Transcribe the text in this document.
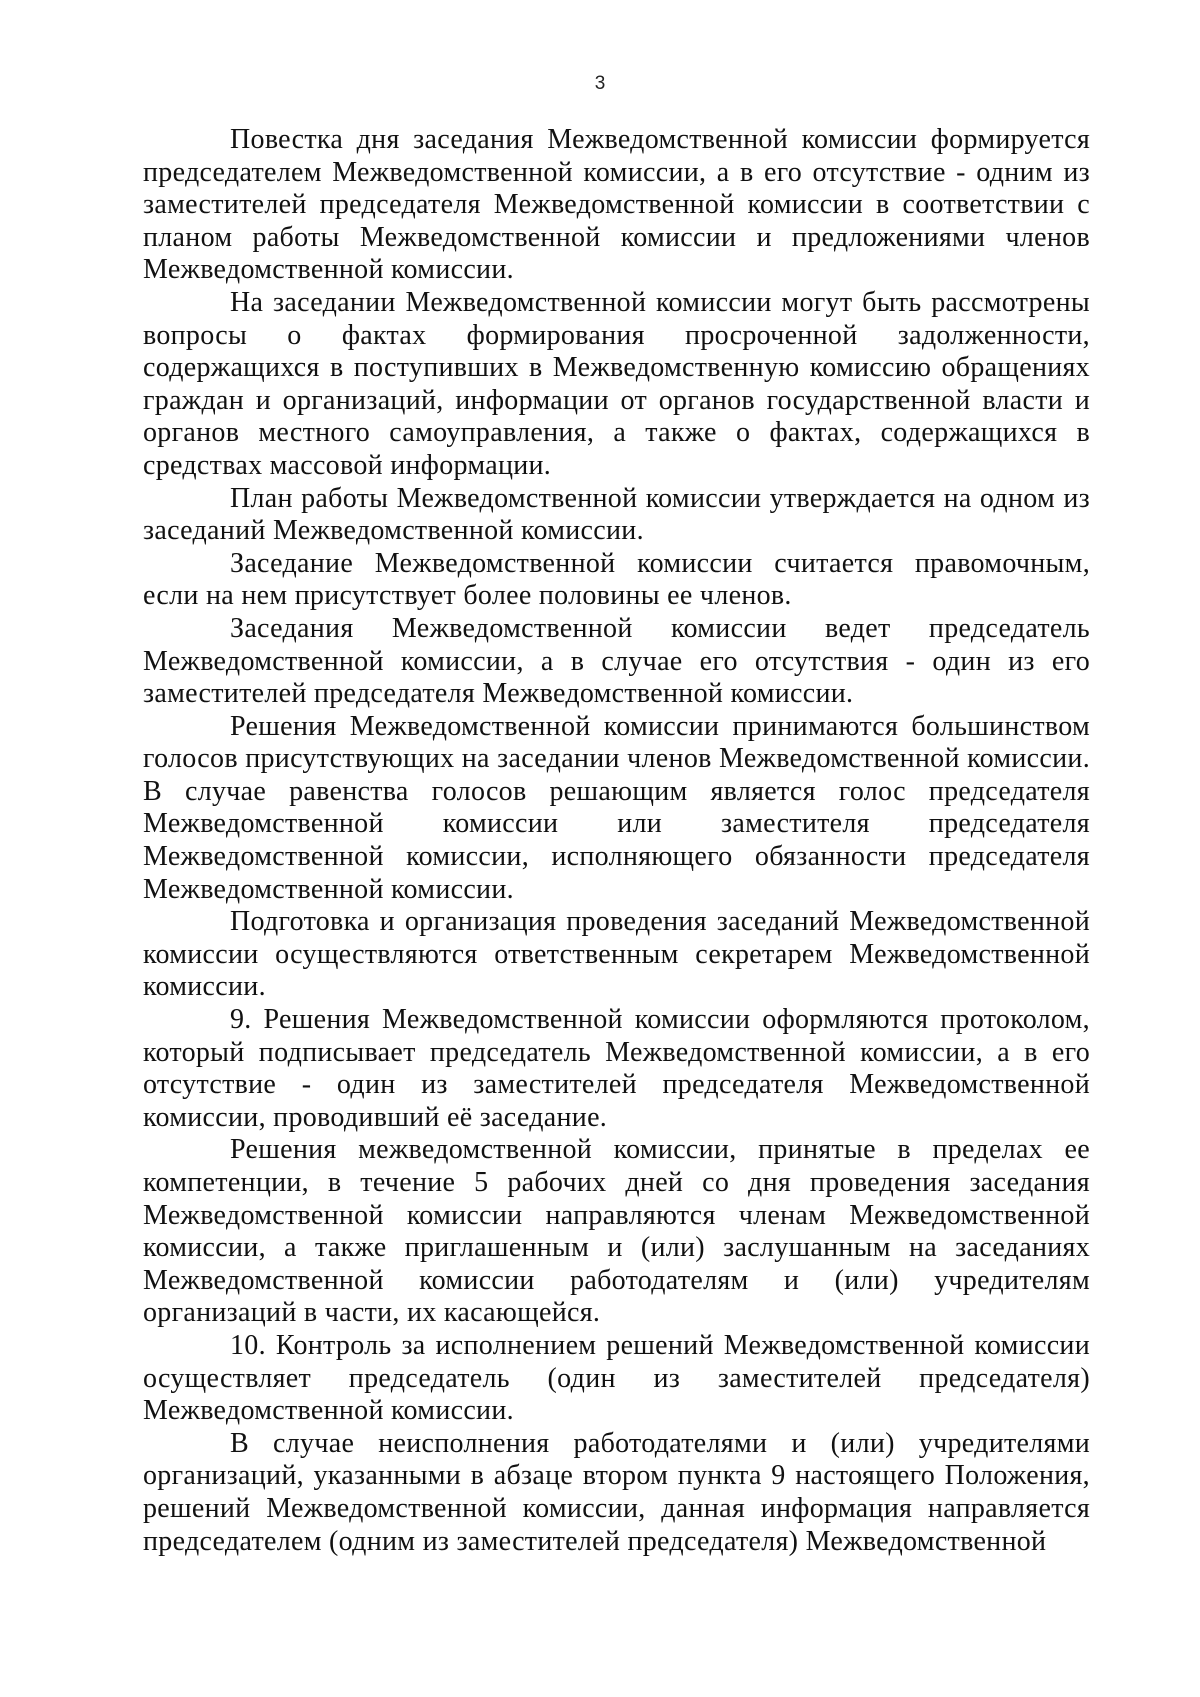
3

Повестка дня заседания Межведомственной комиссии формируется председателем Межведомственной комиссии, а в его отсутствие - одним из заместителей председателя Межведомственной комиссии в соответствии с планом работы Межведомственной комиссии и предложениями членов Межведомственной комиссии.

На заседании Межведомственной комиссии могут быть рассмотрены вопросы о фактах формирования просроченной задолженности, содержащихся в поступивших в Межведомственную комиссию обращениях граждан и организаций, информации от органов государственной власти и органов местного самоуправления, а также о фактах, содержащихся в средствах массовой информации.

План работы Межведомственной комиссии утверждается на одном из заседаний Межведомственной комиссии.

Заседание Межведомственной комиссии считается правомочным, если на нем присутствует более половины ее членов.

Заседания Межведомственной комиссии ведет председатель Межведомственной комиссии, а в случае его отсутствия - один из его заместителей председателя Межведомственной комиссии.

Решения Межведомственной комиссии принимаются большинством голосов присутствующих на заседании членов Межведомственной комиссии. В случае равенства голосов решающим является голос председателя Межведомственной комиссии или заместителя председателя Межведомственной комиссии, исполняющего обязанности председателя Межведомственной комиссии.

Подготовка и организация проведения заседаний Межведомственной комиссии осуществляются ответственным секретарем Межведомственной комиссии.

9. Решения Межведомственной комиссии оформляются протоколом, который подписывает председатель Межведомственной комиссии, а в его отсутствие - один из заместителей председателя Межведомственной комиссии, проводивший её заседание.

Решения межведомственной комиссии, принятые в пределах ее компетенции, в течение 5 рабочих дней со дня проведения заседания Межведомственной комиссии направляются членам Межведомственной комиссии, а также приглашенным и (или) заслушанным на заседаниях Межведомственной комиссии работодателям и (или) учредителям организаций в части, их касающейся.

10. Контроль за исполнением решений Межведомственной комиссии осуществляет председатель (один из заместителей председателя) Межведомственной комиссии.

В случае неисполнения работодателями и (или) учредителями организаций, указанными в абзаце втором пункта 9 настоящего Положения, решений Межведомственной комиссии, данная информация направляется председателем (одним из заместителей председателя) Межведомственной
